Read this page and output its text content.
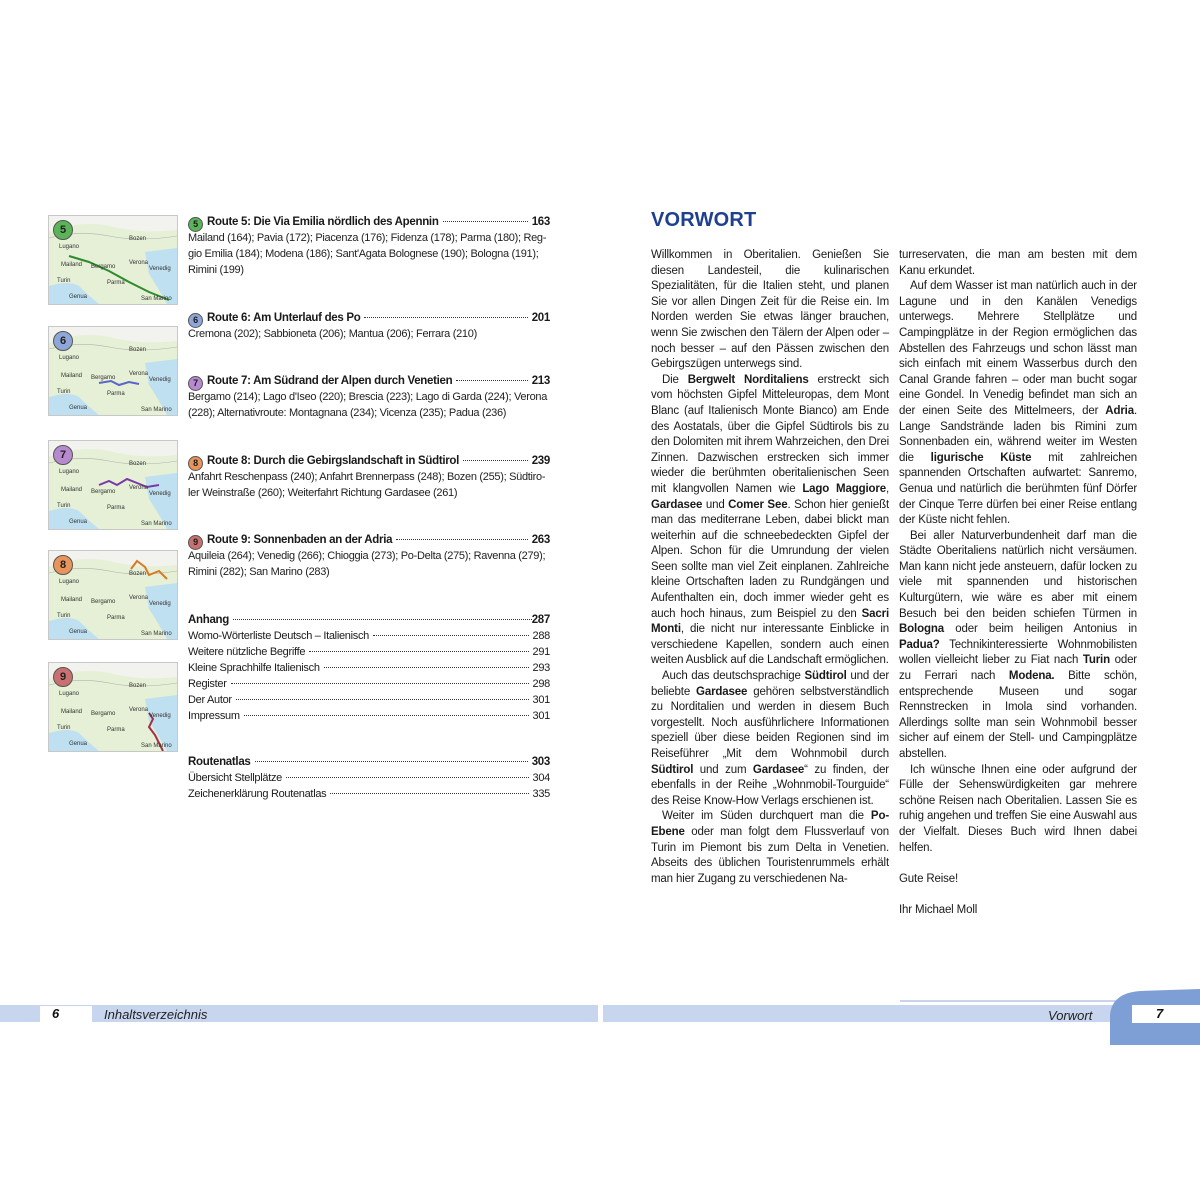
5
Lugano
Bozen
Mailand Bergamo
Verona
Venedig
Turin	Parma
Genua	San Marino
6
Lugano
Bozen
Mailand Bergamo
Verona
Venedig
Turin	Parma
Genua	San Marino
7
Lugano
Bozen
Mailand Bergamo
Verona
Venedig
Turin	Parma
Genua	San Marino
8
Lugano
Bozen
Mailand Bergamo
Verona
Venedig
Turin	Parma
Genua	San Marino
9
Lugano
Bozen
Mailand Bergamo
Verona
Venedig
Turin	Parma
Genua	San Marino
5 Route 5: Die Via Emilia nördlich des Apennin	163
Mailand (164); Pavia (172); Piacenza (176); Fidenza (178); Parma (180); Reg-
gio Emilia (184); Modena (186); Sant'Agata Bolognese (190); Bologna (191);
Rimini (199)
6 Route 6: Am Unterlauf des Po	201
Cremona (202); Sabbioneta (206); Mantua (206); Ferrara (210)
7 Route 7: Am Südrand der Alpen durch Venetien	213
Bergamo (214); Lago d'Iseo (220); Brescia (223); Lago di Garda (224); Verona
(228); Alternativroute: Montagnana (234); Vicenza (235); Padua (236)
8 Route 8: Durch die Gebirgslandschaft in Südtirol	239
Anfahrt Reschenpass (240); Anfahrt Brennerpass (248); Bozen (255); Südtiro-
ler Weinstraße (260); Weiterfahrt Richtung Gardasee (261)
9 Route 9: Sonnenbaden an der Adria	263
Aquileia (264); Venedig (266); Chioggia (273); Po-Delta (275); Ravenna (279);
Rimini (282); San Marino (283)
Anhang	287
Womo-Wörterliste Deutsch – Italienisch	288
Weitere nützliche Begriffe	291
Kleine Sprachhilfe Italienisch	293
Register	298
Der Autor	301
Impressum	301
Routenatlas	303
Übersicht Stellplätze	304
Zeichenerklärung Routenatlas	335
VORWORT

Willkommen in Oberitalien. Genießen Sie diesen Landesteil, die kulinarischen Spezialitäten, für die Italien steht, und planen Sie vor allen Dingen Zeit für die Reise ein. Im Norden werden Sie etwas länger brauchen, wenn Sie zwischen den Tälern der Alpen oder – noch besser – auf den Pässen zwischen den Gebirgszügen unterwegs sind.

Die Bergwelt Norditaliens erstreckt sich vom höchsten Gipfel Mitteleuropas, dem Mont Blanc (auf Italienisch Monte Bianco) am Ende des Aostatals, über die Gipfel Südtirols bis zu den Dolomiten mit ihrem Wahrzeichen, den Drei Zinnen. Dazwischen erstrecken sich immer wieder die berühmten oberitalienischen Seen mit klangvollen Namen wie Lago Maggiore, Gardasee und Comer See. Schon hier genießt man das mediterrane Leben, dabei blickt man weiterhin auf die schneebedeckten Gipfel der Alpen. Schon für die Umrundung der vielen Seen sollte man viel Zeit einplanen. Zahlreiche kleine Ortschaften laden zu Rundgängen und Aufenthalten ein, doch immer wieder geht es auch hoch hinaus, zum Beispiel zu den Sacri Monti, die nicht nur interessante Einblicke in verschiedene Kapellen, sondern auch einen weiten Ausblick auf die Landschaft ermöglichen.

Auch das deutschsprachige Südtirol und der beliebte Gardasee gehören selbstverständlich zu Norditalien und werden in diesem Buch vorgestellt. Noch ausführlichere Informationen speziell über diese beiden Regionen sind im Reiseführer „Mit dem Wohnmobil durch Südtirol und zum Gardasee“ zu finden, der ebenfalls in der Reihe „Wohnmobil-Tourguide“ des Reise Know-How Verlags erschienen ist.

Weiter im Süden durchquert man die Po-Ebene oder man folgt dem Flussverlauf von Turin im Piemont bis zum Delta in Venetien. Abseits des üblichen Touristenrummels erhält man hier Zugang zu verschiedenen Na-

turreservaten, die man am besten mit dem Kanu erkundet.

Auf dem Wasser ist man natürlich auch in der Lagune und in den Kanälen Venedigs unterwegs. Mehrere Stellplätze und Campingplätze in der Region ermöglichen das Abstellen des Fahrzeugs und schon lässt man sich einfach mit einem Wasserbus durch den Canal Grande fahren – oder man bucht sogar eine Gondel. In Venedig befindet man sich an der einen Seite des Mittelmeers, der Adria. Lange Sandstrände laden bis Rimini zum Sonnenbaden ein, während weiter im Westen die ligurische Küste mit zahlreichen spannenden Ortschaften aufwartet: Sanremo, Genua und natürlich die berühmten fünf Dörfer der Cinque Terre dürfen bei einer Reise entlang der Küste nicht fehlen.

Bei aller Naturverbundenheit darf man die Städte Oberitaliens natürlich nicht versäumen. Man kann nicht jede ansteuern, dafür locken zu viele mit spannenden und historischen Kulturgütern, wie wäre es aber mit einem Besuch bei den beiden schiefen Türmen in Bologna oder beim heiligen Antonius in Padua? Technikinteressierte Wohnmobilisten wollen vielleicht lieber zu Fiat nach Turin oder zu Ferrari nach Modena. Bitte schön, entsprechende Museen und sogar Rennstrecken in Imola sind vorhanden. Allerdings sollte man sein Wohnmobil besser sicher auf einem der Stell- und Campingplätze abstellen.

Ich wünsche Ihnen eine oder aufgrund der Fülle der Sehenswürdigkeiten gar mehrere schöne Reisen nach Oberitalien. Lassen Sie es ruhig angehen und treffen Sie eine Auswahl aus der Vielfalt. Dieses Buch wird Ihnen dabei helfen.

Gute Reise!

Ihr Michael Moll

6	Inhaltsverzeichnis	Vorwort	7
